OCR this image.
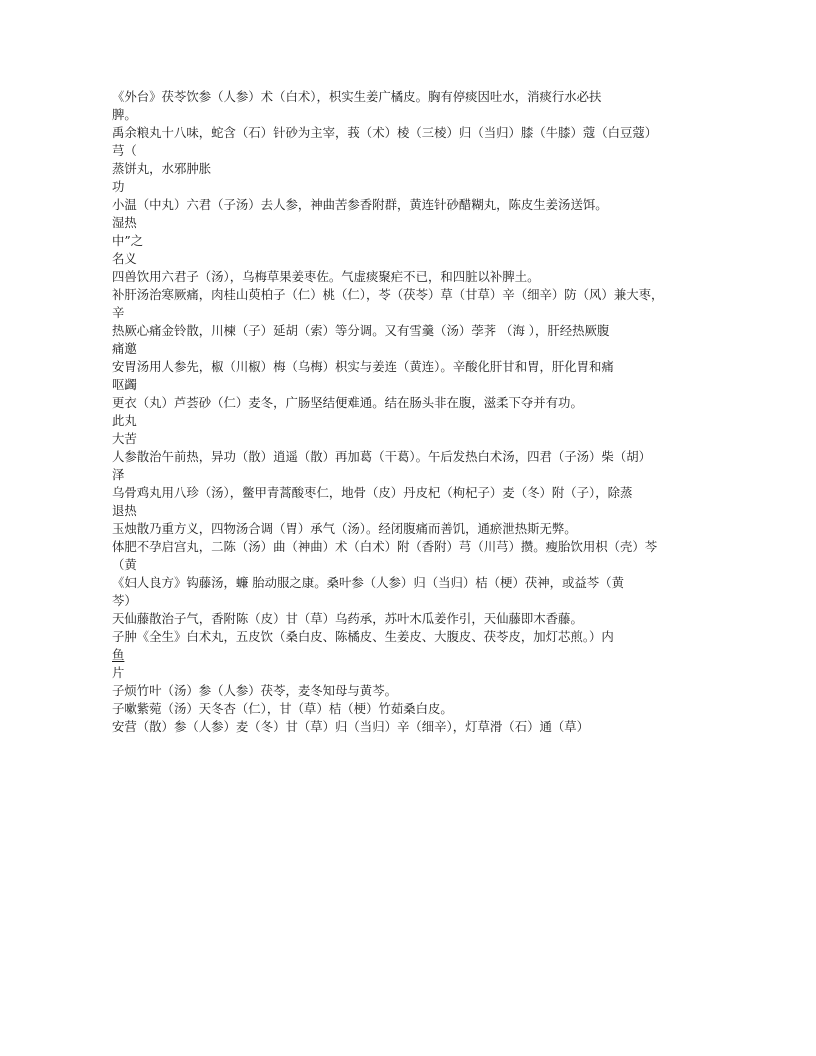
《外台》茯苓饮参（人参）术（白术），枳实生姜广橘皮。胸有停痰因吐水，消痰行水必扶
脾。
禹余粮丸十八味，蛇含（石）针砂为主宰，莪（术）棱（三棱）归（当归）膝（牛膝）蔻（白豆蔻）
芎（
蒸饼丸，水邪肿胀
功
小温（中丸）六君（子汤）去人参，神曲苦参香附群，黄连针砂醋糊丸，陈皮生姜汤送饵。
湿热
中”之
名义
四兽饮用六君子（汤），乌梅草果姜枣佐。气虚痰聚疟不已，和四脏以补脾土。
补肝汤治寒厥痛，肉桂山萸柏子（仁）桃（仁），苓（茯苓）草（甘草）辛（细辛）防（风）兼大枣，
辛
热厥心痛金铃散，川楝（子）延胡（索）等分调。又有雪羹（汤）荸荠 （海 ），肝经热厥腹
痛邀
安胃汤用人参先，椒（川椒）梅（乌梅）枳实与姜连（黄连）。辛酸化肝甘和胃，肝化胃和痛
呕蠲
更衣（丸）芦荟砂（仁）麦冬，广肠坚结便难通。结在肠头非在腹，滋柔下夺并有功。
此丸
大苦
人参散治午前热，异功（散）逍遥（散）再加葛（干葛）。午后发热白术汤，四君（子汤）柴（胡）
泽
乌骨鸡丸用八珍（汤），鳖甲青蒿酸枣仁，地骨（皮）丹皮杞（枸杞子）麦（冬）附（子），除蒸
退热
玉烛散乃重方义，四物汤合调（胃）承气（汤）。经闭腹痛而善饥，通瘀泄热斯无弊。
体肥不孕启宫丸，二陈（汤）曲（神曲）术（白术）附（香附）芎（川芎）攒。瘦胎饮用枳（壳）芩
（黄
《妇人良方》钩藤汤，蠊 胎动服之康。桑叶参（人参）归（当归）桔（梗）茯神，或益芩（黄
芩）
天仙藤散治子气，香附陈（皮）甘（草）乌药承，苏叶木瓜姜作引，天仙藤即木香藤。
子肿《全生》白术丸，五皮饮（桑白皮、陈橘皮、生姜皮、大腹皮、茯苓皮，加灯芯煎。）内
鱼
片
子烦竹叶（汤）参（人参）茯苓，麦冬知母与黄芩。
子嗽紫菀（汤）天冬杏（仁），甘（草）桔（梗）竹茹桑白皮。
安营（散）参（人参）麦（冬）甘（草）归（当归）辛（细辛），灯草滑（石）通（草）
